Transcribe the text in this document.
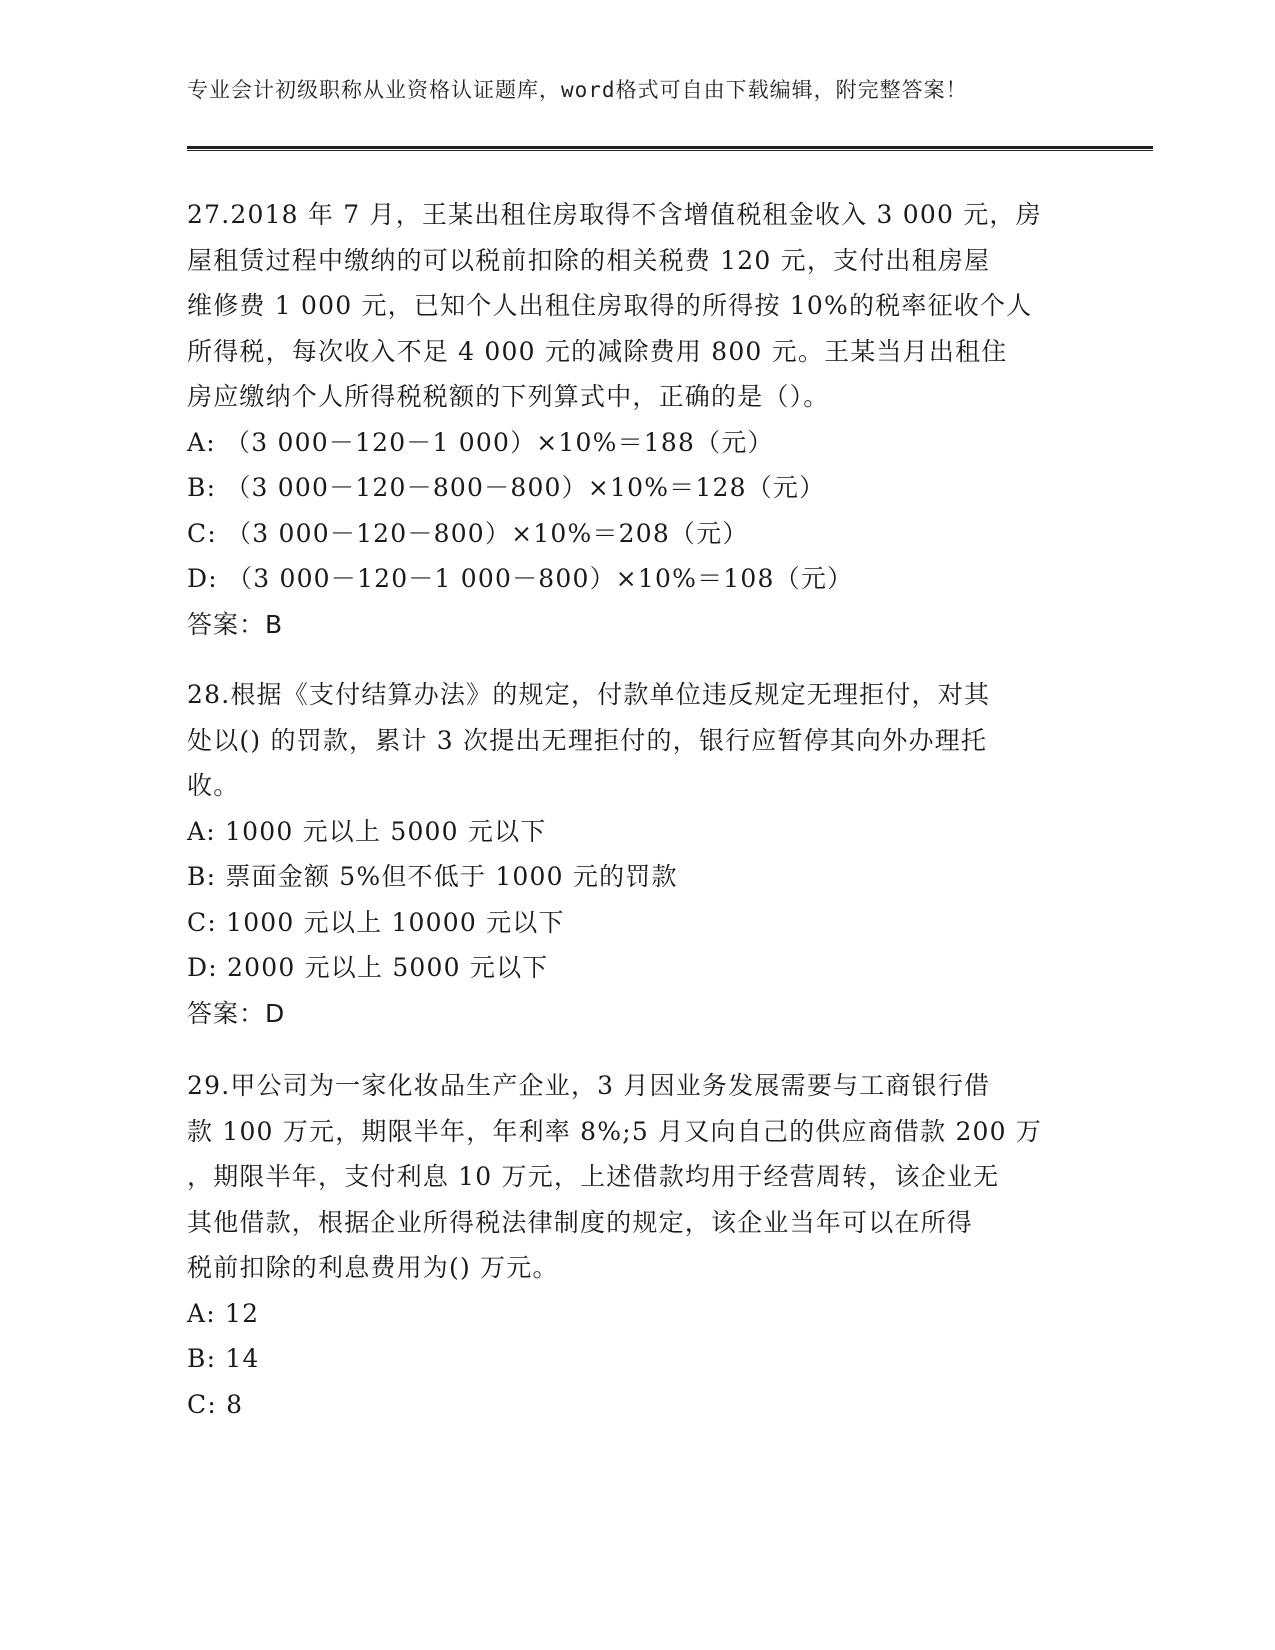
专业会计初级职称从业资格认证题库，word格式可自由下载编辑，附完整答案！
27.2018 年 7 月，王某出租住房取得不含增值税租金收入 3 000 元，房
屋租赁过程中缴纳的可以税前扣除的相关税费 120 元，支付出租房屋
维修费 1 000 元，已知个人出租住房取得的所得按 10%的税率征收个人
所得税，每次收入不足 4 000 元的减除费用 800 元。王某当月出租住
房应缴纳个人所得税税额的下列算式中，正确的是（）。
A: （3 000－120－1 000）×10%＝188（元）
B: （3 000－120－800－800）×10%＝128（元）
C: （3 000－120－800）×10%＝208（元）
D: （3 000－120－1 000－800）×10%＝108（元）
答案：B
28.根据《支付结算办法》的规定，付款单位违反规定无理拒付，对其
处以() 的罚款，累计 3 次提出无理拒付的，银行应暂停其向外办理托
收。
A: 1000 元以上 5000 元以下
B: 票面金额 5%但不低于 1000 元的罚款
C: 1000 元以上 10000 元以下
D: 2000 元以上 5000 元以下
答案：D
29.甲公司为一家化妆品生产企业，3 月因业务发展需要与工商银行借
款 100 万元，期限半年，年利率 8%;5 月又向自己的供应商借款 200 万
，期限半年，支付利息 10 万元，上述借款均用于经营周转，该企业无
其他借款，根据企业所得税法律制度的规定，该企业当年可以在所得
税前扣除的利息费用为() 万元。
A: 12
B: 14
C: 8
